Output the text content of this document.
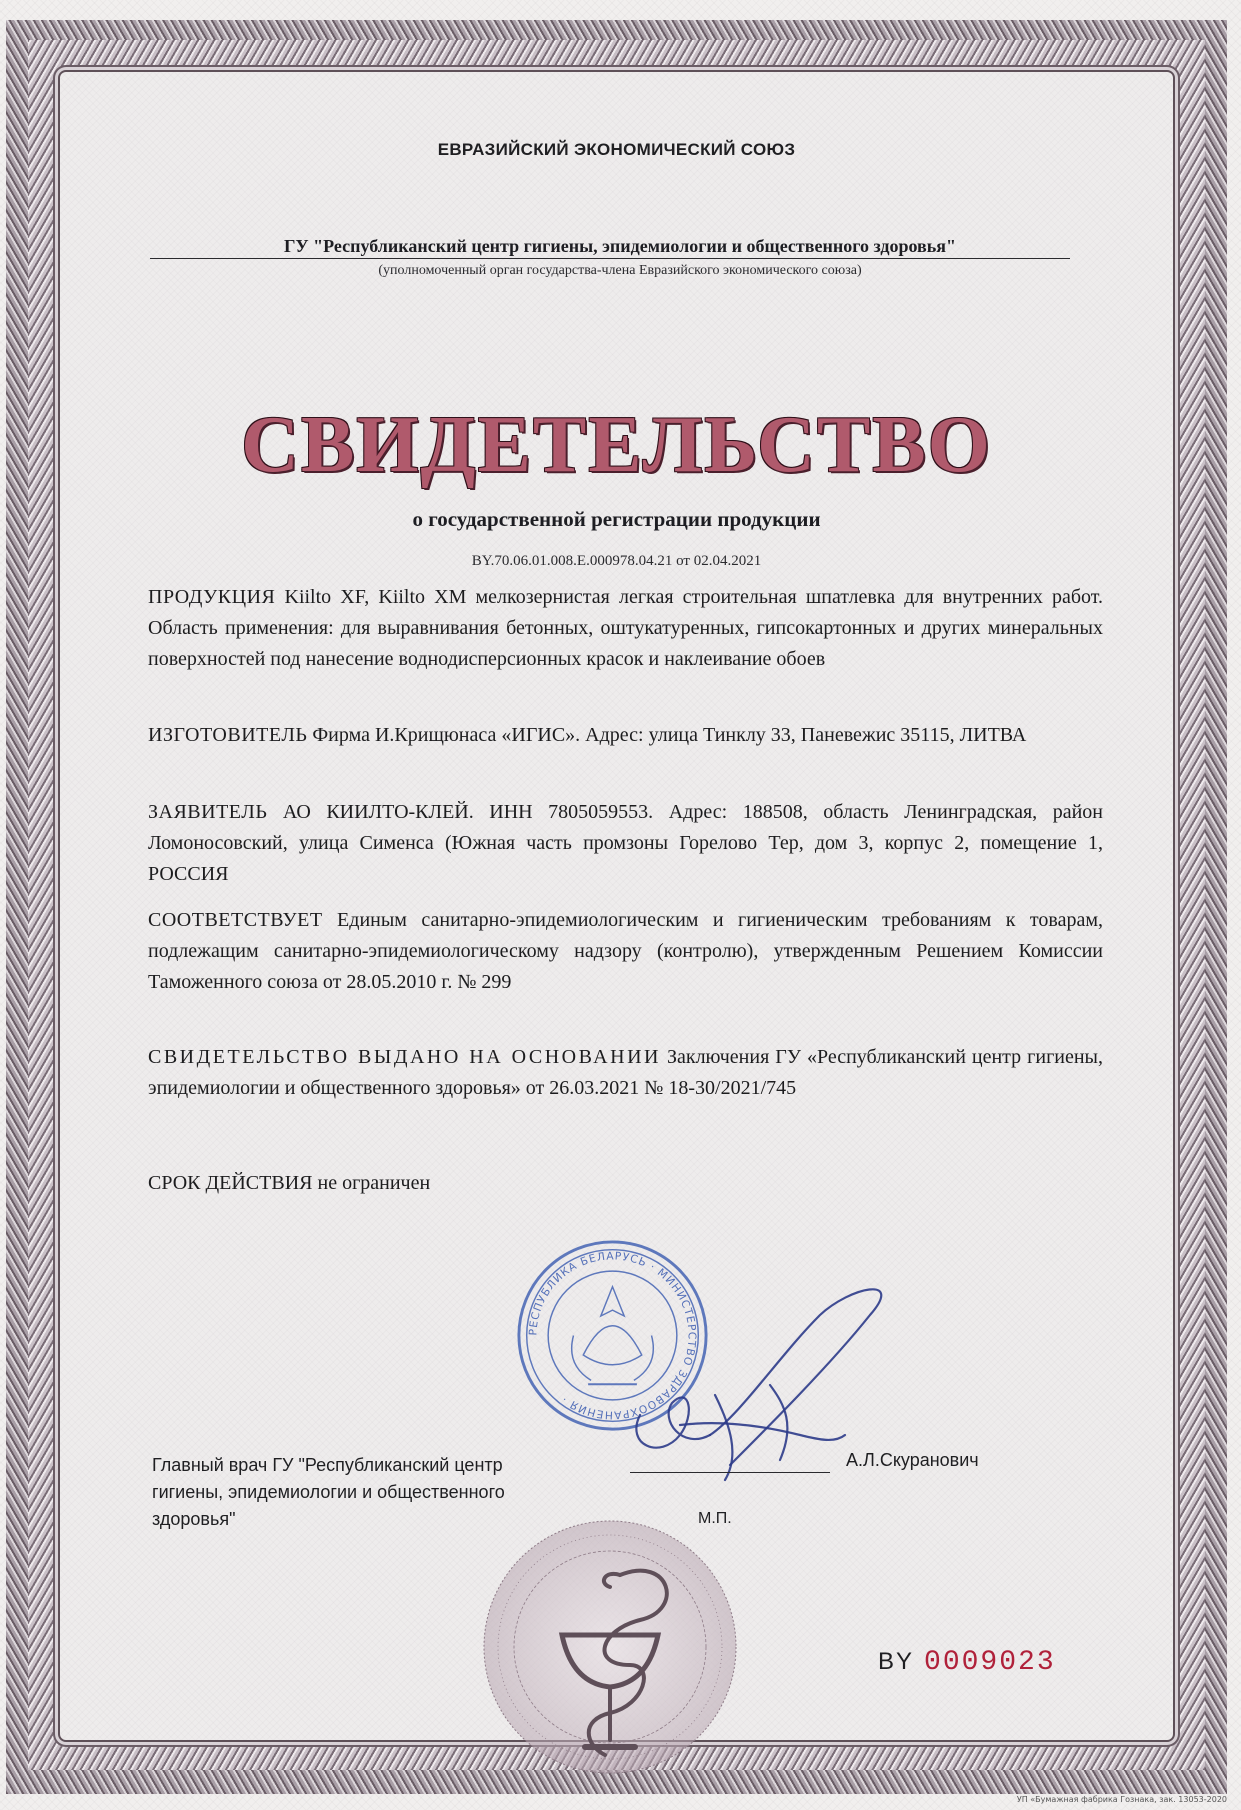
ЕВРАЗИЙСКИЙ ЭКОНОМИЧЕСКИЙ СОЮЗ
ГУ "Республиканский центр гигиены, эпидемиологии и общественного здоровья"
(уполномоченный орган государства-члена Евразийского экономического союза)
СВИДЕТЕЛЬСТВО
о государственной регистрации продукции
BY.70.06.01.008.E.000978.04.21 от 02.04.2021
ПРОДУКЦИЯ Kiilto XF, Kiilto XM мелкозернистая легкая строительная шпатлевка для внутренних работ. Область применения: для выравнивания бетонных, оштукатуренных, гипсокартонных и других минеральных поверхностей под нанесение воднодисперсионных красок и наклеивание обоев
ИЗГОТОВИТЕЛЬ Фирма И.Крищюнаса «ИГИС». Адрес: улица Тинклу 33, Паневежис 35115, ЛИТВА
ЗАЯВИТЕЛЬ АО КИИЛТО-КЛЕЙ. ИНН 7805059553. Адрес: 188508, область Ленинградская, район Ломоносовский, улица Сименса (Южная часть промзоны Горелово Тер, дом 3, корпус 2, помещение 1, РОССИЯ
СООТВЕТСТВУЕТ Единым санитарно-эпидемиологическим и гигиеническим требованиям к товарам, подлежащим санитарно-эпидемиологическому надзору (контролю), утвержденным Решением Комиссии Таможенного союза от 28.05.2010 г. № 299
СВИДЕТЕЛЬСТВО ВЫДАНО НА ОСНОВАНИИ Заключения ГУ «Республиканский центр гигиены, эпидемиологии и общественного здоровья» от 26.03.2021 № 18-30/2021/745
СРОК ДЕЙСТВИЯ не ограничен
РЕСПУБЛИКА БЕЛАРУСЬ · МИНИСТЕРСТВО ЗДРАВООХРАНЕНИЯ ·
Главный врач ГУ "Республиканский центр гигиены, эпидемиологии и общественного здоровья"
А.Л.Скуранович
М.П.
BY 0009023
УП «Бумажная фабрика Гознака, зак. 13053-2020
